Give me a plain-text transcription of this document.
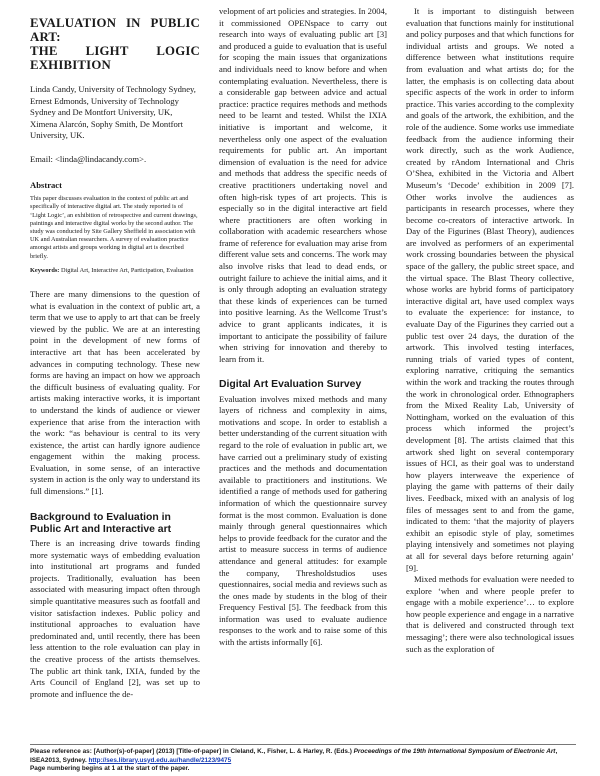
EVALUATION IN PUBLIC ART:
THE LIGHT LOGIC EXHIBITION

Linda Candy, University of Technology Sydney, Ernest Edmonds, University of Technology Sydney and De Montfort University, UK, Ximena Alarcón, Sophy Smith, De Montfort University, UK.

Email: <linda@lindacandy.com>.

Abstract

This paper discusses evaluation in the context of public art and specifically of interactive digital art. The study reported is of ‘Light Logic’, an exhibition of retrospective and current drawings, paintings and interactive digital works by the second author. The study was conducted by Site Gallery Sheffield in association with UK and Australian researchers. A survey of evaluation practice amongst artists and groups working in digital art is described briefly.

Keywords: Digital Art, Interactive Art, Participation, Evaluation

There are many dimensions to the question of what is evaluation in the context of public art, a term that we use to apply to art that can be freely viewed by the public. We are at an interesting point in the development of new forms of interactive art that has been accelerated by advances in computing technology. These new forms are having an impact on how we approach the difficult business of evaluating quality. For artists making interactive works, it is important to understand the kinds of audience or viewer experience that arise from the interaction with the work: “as behaviour is central to its very existence, the artist can hardly ignore audience engagement within the making process. Evaluation, in some sense, of an interactive system in action is the only way to understand its full dimensions.” [1].

Background to Evaluation in Public Art and Interactive art

There is an increasing drive towards finding more systematic ways of embedding evaluation into institutional art programs and funded projects. Traditionally, evaluation has been associated with measuring impact often through simple quantitative measures such as footfall and visitor satisfaction indexes. Public policy and institutional approaches to evaluation have predominated and, until recently, there has been less attention to the role evaluation can play in the creative process of the artists themselves. The public art think tank, IXIA, funded by the Arts Council of England [2], was set up to promote and influence the de-

velopment of art policies and strategies. In 2004, it commissioned OPENspace to carry out research into ways of evaluating public art [3] and produced a guide to evaluation that is useful for scoping the main issues that organizations and individuals need to know before and when contemplating evaluation. Nevertheless, there is a considerable gap between advice and actual practice: practice requires methods and methods need to be learnt and tested. Whilst the IXIA initiative is important and welcome, it nevertheless only one aspect of the evaluation requirements for public art. An important dimension of evaluation is the need for advice and methods that address the specific needs of creative practitioners undertaking novel and often high-risk types of art projects. This is especially so in the digital interactive art field where practitioners are often working in collaboration with academic researchers whose frame of reference for evaluation may arise from different value sets and concerns. The work may also involve risks that lead to dead ends, or outright failure to achieve the initial aims, and it is only through adopting an evaluation strategy that these kinds of experiences can be turned into positive learning. As the Wellcome Trust’s advice to grant applicants indicates, it is important to anticipate the possibility of failure when striving for innovation and thereby to learn from it.

Digital Art Evaluation Survey

Evaluation involves mixed methods and many layers of richness and complexity in aims, motivations and scope. In order to establish a better understanding of the current situation with regard to the role of evaluation in public art, we have carried out a preliminary study of existing practices and the methods and documentation available to practitioners and institutions. We identified a range of methods used for gathering information of which the questionnaire survey format is the most common. Evaluation is done mainly through general questionnaires which helps to provide feedback for the curator and the artist to measure success in terms of audience attendance and general attitudes: for example the company, Thresholdstudios uses questionnaires, social media and reviews such as the ones made by students in the blog of their Frequency Festival [5]. The feedback from this information was used to evaluate audience responses to the work and to raise some of this with the artists informally [6].

It is important to distinguish between evaluation that functions mainly for institutional and policy purposes and that which functions for individual artists and groups. We noted a difference between what institutions require from evaluation and what artists do; for the latter, the emphasis is on collecting data about specific aspects of the work in order to inform practice. This varies according to the complexity and goals of the artwork, the exhibition, and the role of the audience. Some works use immediate feedback from the audience informing their work directly, such as the work Audience, created by rAndom International and Chris O’Shea, exhibited in the Victoria and Albert Museum’s ‘Decode’ exhibition in 2009 [7]. Other works involve the audiences as participants in research processes, where they become co-creators of interactive artwork. In Day of the Figurines (Blast Theory), audiences are involved as performers of an experimental work crossing boundaries between the physical space of the gallery, the public street space, and the virtual space. The Blast Theory collective, whose works are hybrid forms of participatory interactive digital art, have used complex ways to evaluate the experience: for instance, to evaluate Day of the Figurines they carried out a public test over 24 days, the duration of the artwork. This involved testing interfaces, running trials of varied types of content, exploring narrative, critiquing the semantics within the work and tracking the routes through the work in chronological order. Ethnographers from the Mixed Reality Lab, University of Nottingham, worked on the evaluation of this process which informed the project’s development [8]. The artists claimed that this artwork shed light on several contemporary issues of HCI, as their goal was to understand how players interweave the experience of playing the game with patterns of their daily lives. Feedback, mixed with an analysis of log files of messages sent to and from the game, indicated to them: ‘that the majority of players exhibit an episodic style of play, sometimes playing intensively and sometimes not playing at all for several days before returning again’ [9].

Mixed methods for evaluation were needed to explore ‘when and where people prefer to engage with a mobile experience’… to explore how people experience and engage in a narrative that is delivered and constructed through text messaging’; there were also technological issues such as the exploration of

Please reference as: [Author(s)-of-paper] (2013) [Title-of-paper] in Cleland, K., Fisher, L. & Harley, R. (Eds.) Proceedings of the 19th International Symposium of Electronic Art, ISEA2013, Sydney. http://ses.library.usyd.edu.au/handle/2123/9475
Page numbering begins at 1 at the start of the paper.
